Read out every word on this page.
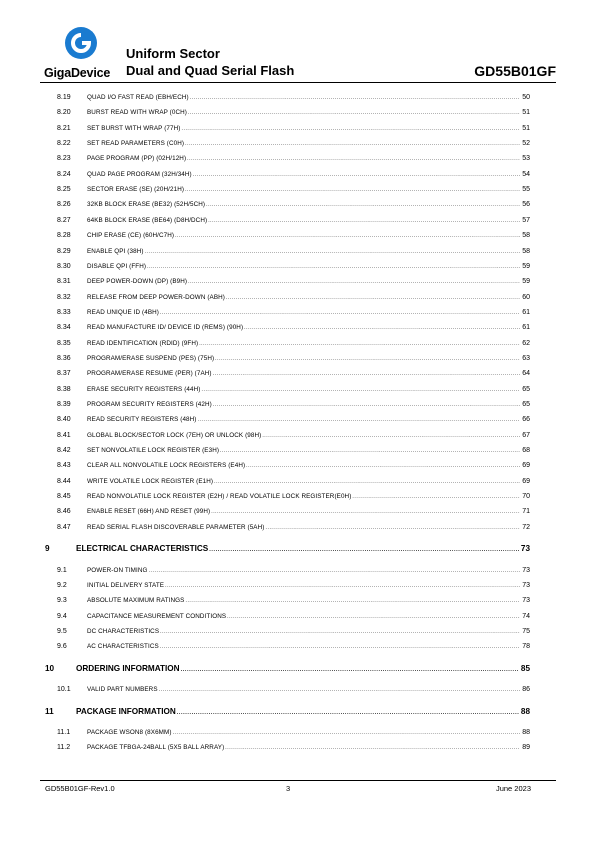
GigaDevice
Uniform Sector
Dual and Quad Serial Flash	GD55B01GF
8.19	QUAD I/O FAST READ (EBH/ECH) .....	50
8.20	BURST READ WITH WRAP (0CH) .....	51
8.21	SET BURST WITH WRAP (77H) .....	51
8.22	SET READ PARAMETERS (C0H) .....	52
8.23	PAGE PROGRAM (PP) (02H/12H) .....	53
8.24	QUAD PAGE PROGRAM (32H/34H) .....	54
8.25	SECTOR ERASE (SE) (20H/21H) .....	55
8.26	32KB BLOCK ERASE (BE32) (52H/5CH) .....	56
8.27	64KB BLOCK ERASE (BE64) (D8H/DCH) .....	57
8.28	CHIP ERASE (CE) (60H/C7H) .....	58
8.29	ENABLE QPI (38H) .....	58
8.30	DISABLE QPI (FFH) .....	59
8.31	DEEP POWER-DOWN (DP) (B9H) .....	59
8.32	RELEASE FROM DEEP POWER-DOWN (ABH) .....	60
8.33	READ UNIQUE ID (4BH) .....	61
8.34	READ MANUFACTURE ID/ DEVICE ID (REMS) (90H) .....	61
8.35	READ IDENTIFICATION (RDID) (9FH) .....	62
8.36	PROGRAM/ERASE SUSPEND (PES) (75H) .....	63
8.37	PROGRAM/ERASE RESUME (PER) (7AH) .....	64
8.38	ERASE SECURITY REGISTERS (44H) .....	65
8.39	PROGRAM SECURITY REGISTERS (42H) .....	65
8.40	READ SECURITY REGISTERS (48H) .....	66
8.41	GLOBAL BLOCK/SECTOR LOCK (7EH) OR UNLOCK (98H) .....	67
8.42	SET NONVOLATILE LOCK REGISTER (E3H) .....	68
8.43	CLEAR ALL NONVOLATILE LOCK REGISTERS (E4H) .....	69
8.44	WRITE VOLATILE LOCK REGISTER (E1H) .....	69
8.45	READ NONVOLATILE LOCK REGISTER (E2H) / READ VOLATILE LOCK REGISTER(E0H) .....	70
8.46	ENABLE RESET (66H) AND RESET (99H) .....	71
8.47	READ SERIAL FLASH DISCOVERABLE PARAMETER (5AH) .....	72
9	ELECTRICAL CHARACTERISTICS .....	73
9.1	POWER-ON TIMING .....	73
9.2	INITIAL DELIVERY STATE .....	73
9.3	ABSOLUTE MAXIMUM RATINGS .....	73
9.4	CAPACITANCE MEASUREMENT CONDITIONS .....	74
9.5	DC CHARACTERISTICS .....	75
9.6	AC CHARACTERISTICS .....	78
10	ORDERING INFORMATION .....	85
10.1	VALID PART NUMBERS .....	86
11	PACKAGE INFORMATION .....	88
11.1	PACKAGE WSON8 (8X6MM) .....	88
11.2	PACKAGE TFBGA-24BALL (5X5 BALL ARRAY) .....	89
GD55B01GF-Rev1.0	3	June 2023
